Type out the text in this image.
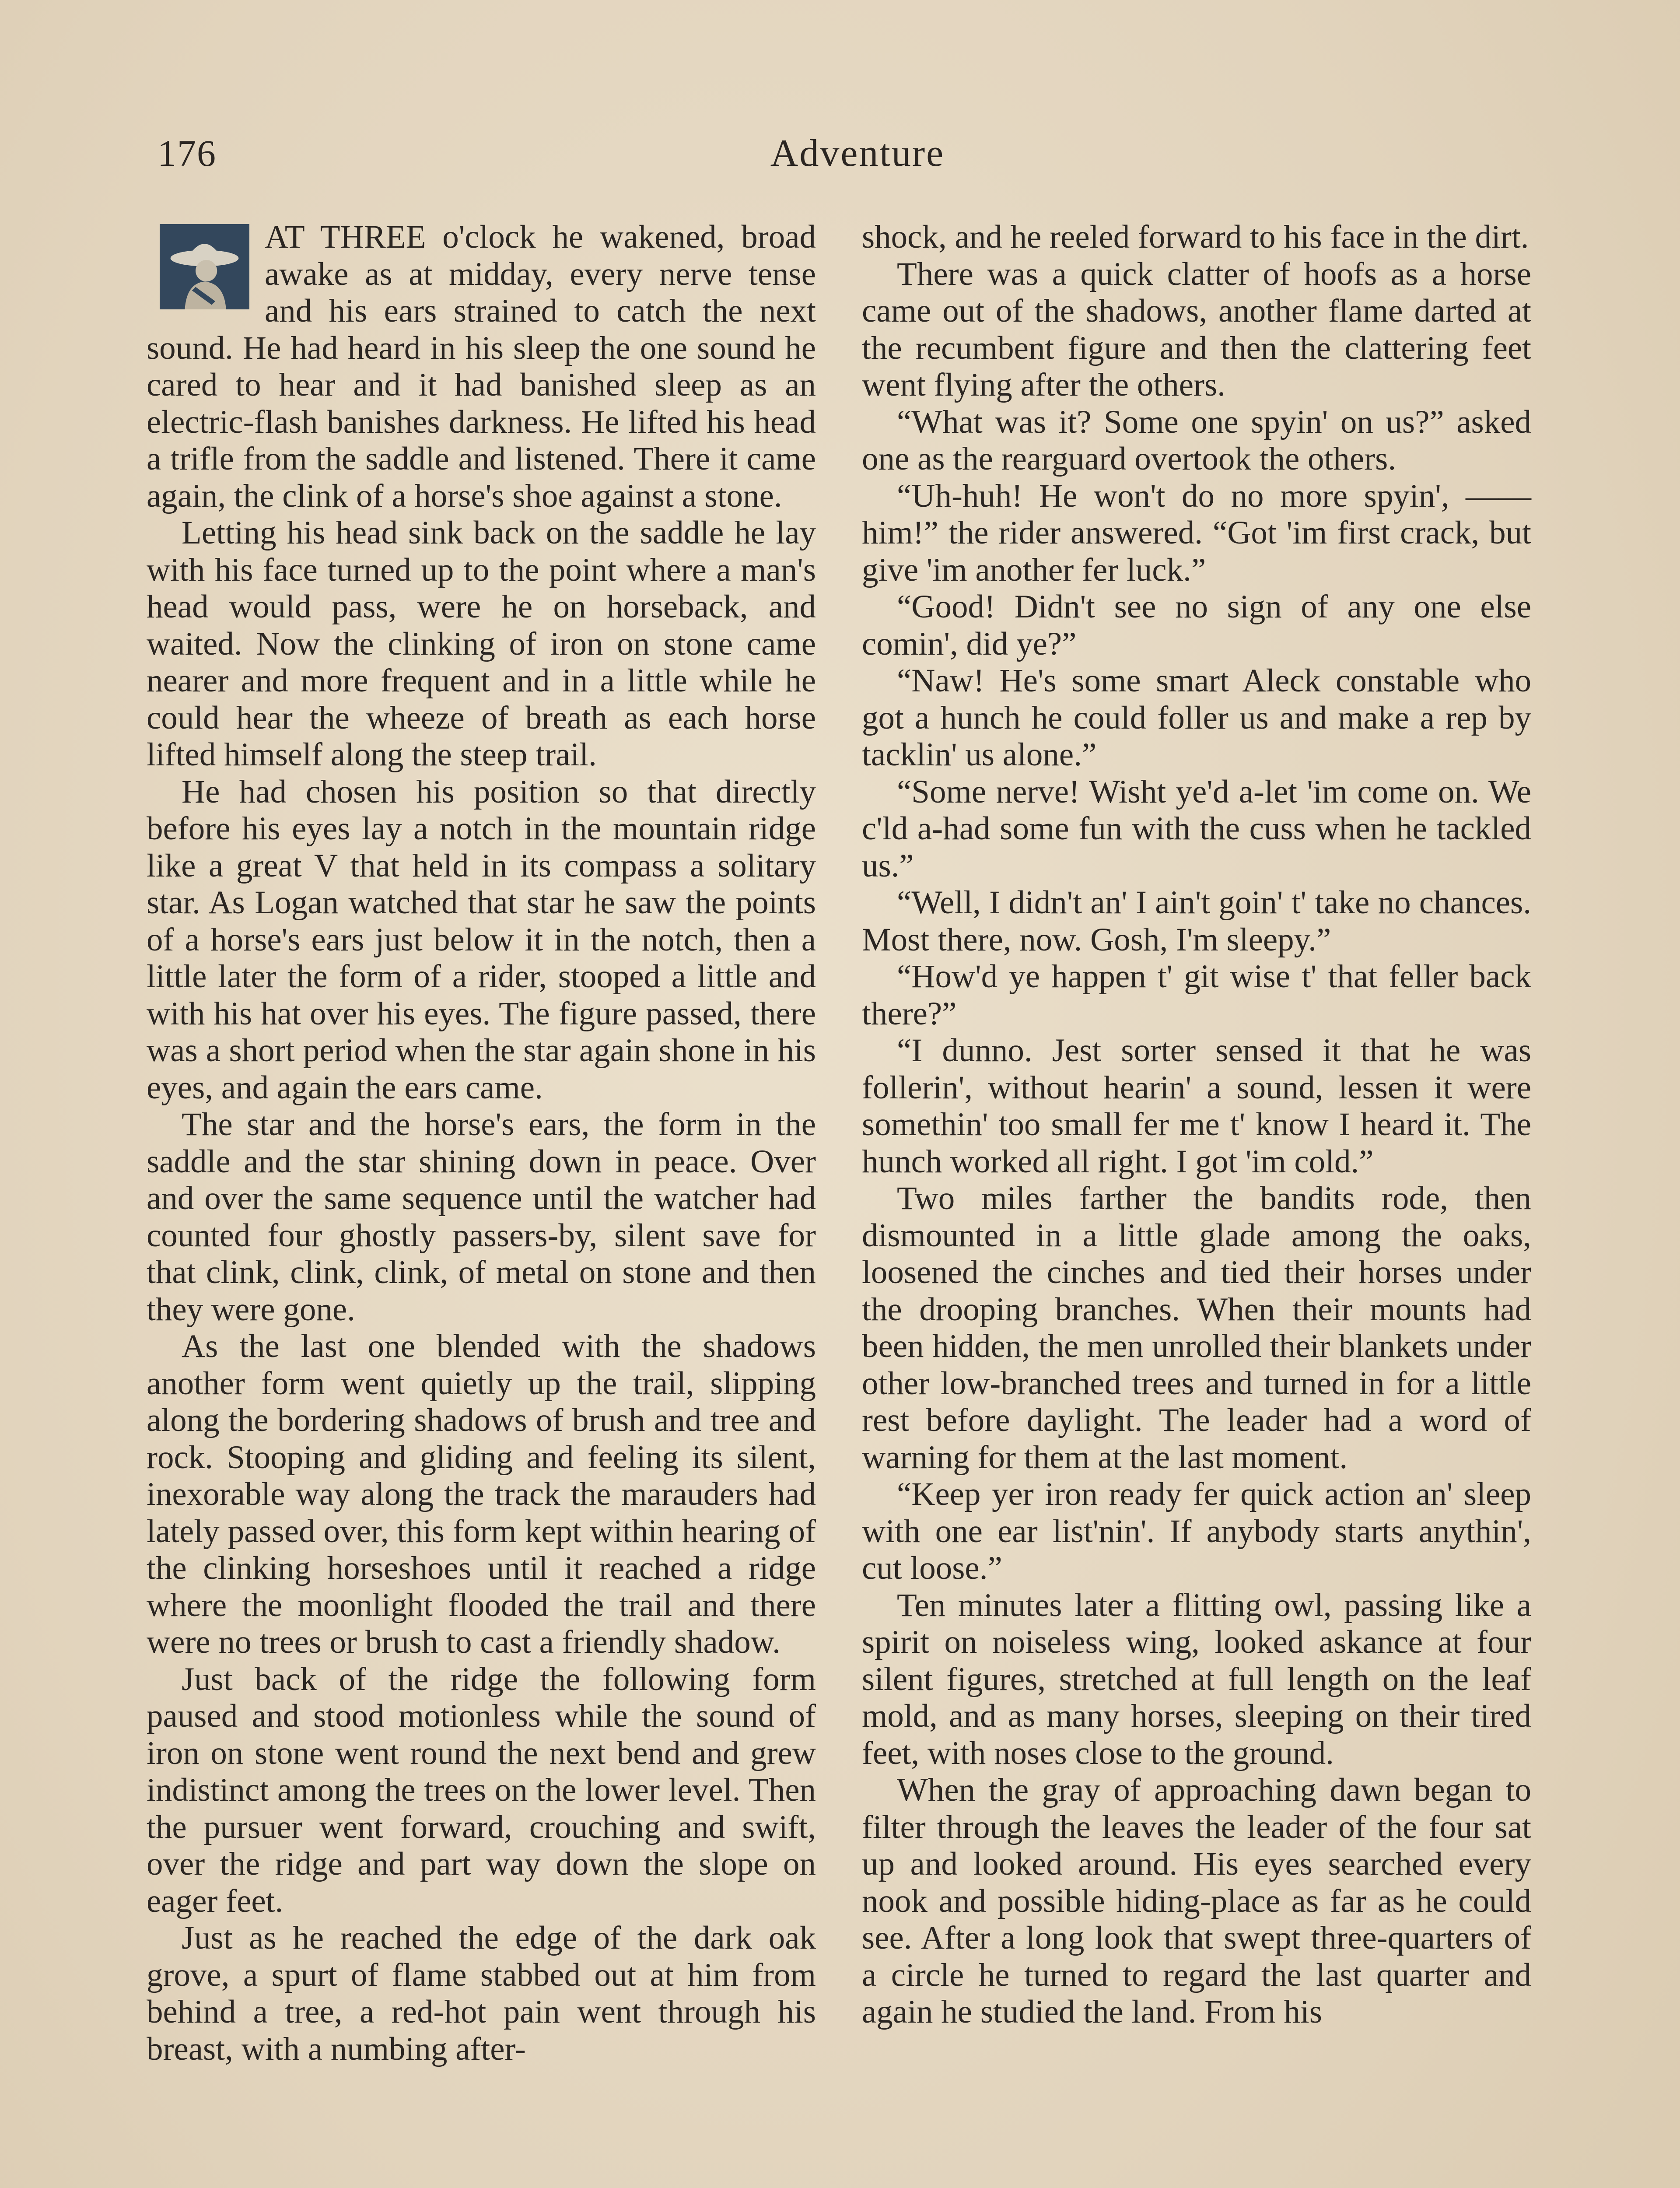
176	Adventure

AT THREE o'clock he wakened, broad awake as at midday, every nerve tense and his ears strained to catch the next sound. He had heard in his sleep the one sound he cared to hear and it had banished sleep as an electric-flash banishes darkness. He lifted his head a trifle from the saddle and listened. There it came again, the clink of a horse's shoe against a stone.

Letting his head sink back on the saddle he lay with his face turned up to the point where a man's head would pass, were he on horseback, and waited. Now the clinking of iron on stone came nearer and more frequent and in a little while he could hear the wheeze of breath as each horse lifted himself along the steep trail.

He had chosen his position so that directly before his eyes lay a notch in the mountain ridge like a great V that held in its compass a solitary star. As Logan watched that star he saw the points of a horse's ears just below it in the notch, then a little later the form of a rider, stooped a little and with his hat over his eyes. The figure passed, there was a short period when the star again shone in his eyes, and again the ears came.

The star and the horse's ears, the form in the saddle and the star shining down in peace. Over and over the same sequence until the watcher had counted four ghostly passers-by, silent save for that clink, clink, clink, of metal on stone and then they were gone.

As the last one blended with the shadows another form went quietly up the trail, slipping along the bordering shadows of brush and tree and rock. Stooping and gliding and feeling its silent, inexorable way along the track the marauders had lately passed over, this form kept within hearing of the clinking horseshoes until it reached a ridge where the moonlight flooded the trail and there were no trees or brush to cast a friendly shadow.

Just back of the ridge the following form paused and stood motionless while the sound of iron on stone went round the next bend and grew indistinct among the trees on the lower level. Then the pursuer went forward, crouching and swift, over the ridge and part way down the slope on eager feet.

Just as he reached the edge of the dark oak grove, a spurt of flame stabbed out at him from behind a tree, a red-hot pain went through his breast, with a numbing after-

shock, and he reeled forward to his face in the dirt.

There was a quick clatter of hoofs as a horse came out of the shadows, another flame darted at the recumbent figure and then the clattering feet went flying after the others.

“What was it? Some one spyin' on us?” asked one as the rearguard overtook the others.

“Uh-huh! He won't do no more spyin', —— him!” the rider answered. “Got 'im first crack, but give 'im another fer luck.”

“Good! Didn't see no sign of any one else comin', did ye?”

“Naw! He's some smart Aleck constable who got a hunch he could foller us and make a rep by tacklin' us alone.”

“Some nerve! Wisht ye'd a-let 'im come on. We c'ld a-had some fun with the cuss when he tackled us.”

“Well, I didn't an' I ain't goin' t' take no chances. Most there, now. Gosh, I'm sleepy.”

“How'd ye happen t' git wise t' that feller back there?”

“I dunno. Jest sorter sensed it that he was follerin', without hearin' a sound, lessen it were somethin' too small fer me t' know I heard it. The hunch worked all right. I got 'im cold.”

Two miles farther the bandits rode, then dismounted in a little glade among the oaks, loosened the cinches and tied their horses under the drooping branches. When their mounts had been hidden, the men unrolled their blankets under other low-branched trees and turned in for a little rest before daylight. The leader had a word of warning for them at the last moment.

“Keep yer iron ready fer quick action an' sleep with one ear list'nin'. If anybody starts anythin', cut loose.”

Ten minutes later a flitting owl, passing like a spirit on noiseless wing, looked askance at four silent figures, stretched at full length on the leaf mold, and as many horses, sleeping on their tired feet, with noses close to the ground.

When the gray of approaching dawn began to filter through the leaves the leader of the four sat up and looked around. His eyes searched every nook and possible hiding-place as far as he could see. After a long look that swept three-quarters of a circle he turned to regard the last quarter and again he studied the land. From his
